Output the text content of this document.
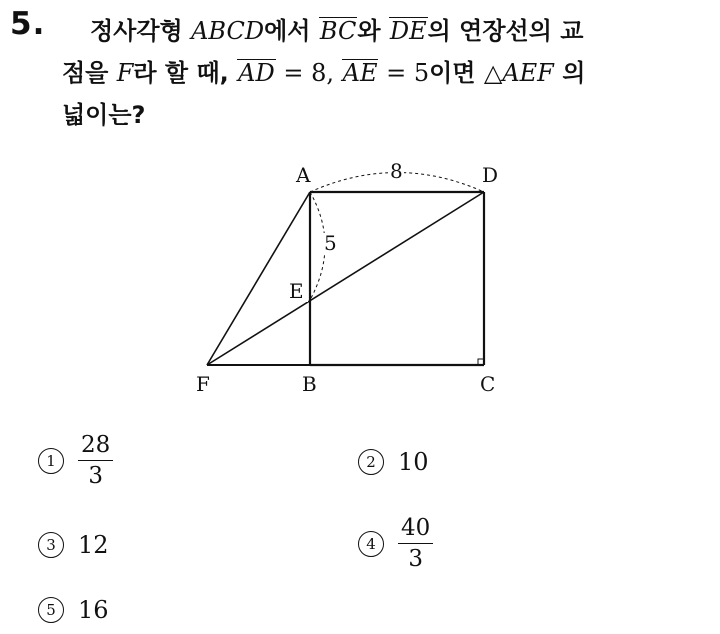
5. 정사각형 ABCD에서 BC와 DE의 연장선의 교
점을 F라 할 때, AD = 8, AE = 5이면 △AEF 의
넓이는?
8
5
A	D
E
F	B	C
$1 \frac{28}{3}$	2 10
3 12	$4 \frac{40}{3}$
5 16
